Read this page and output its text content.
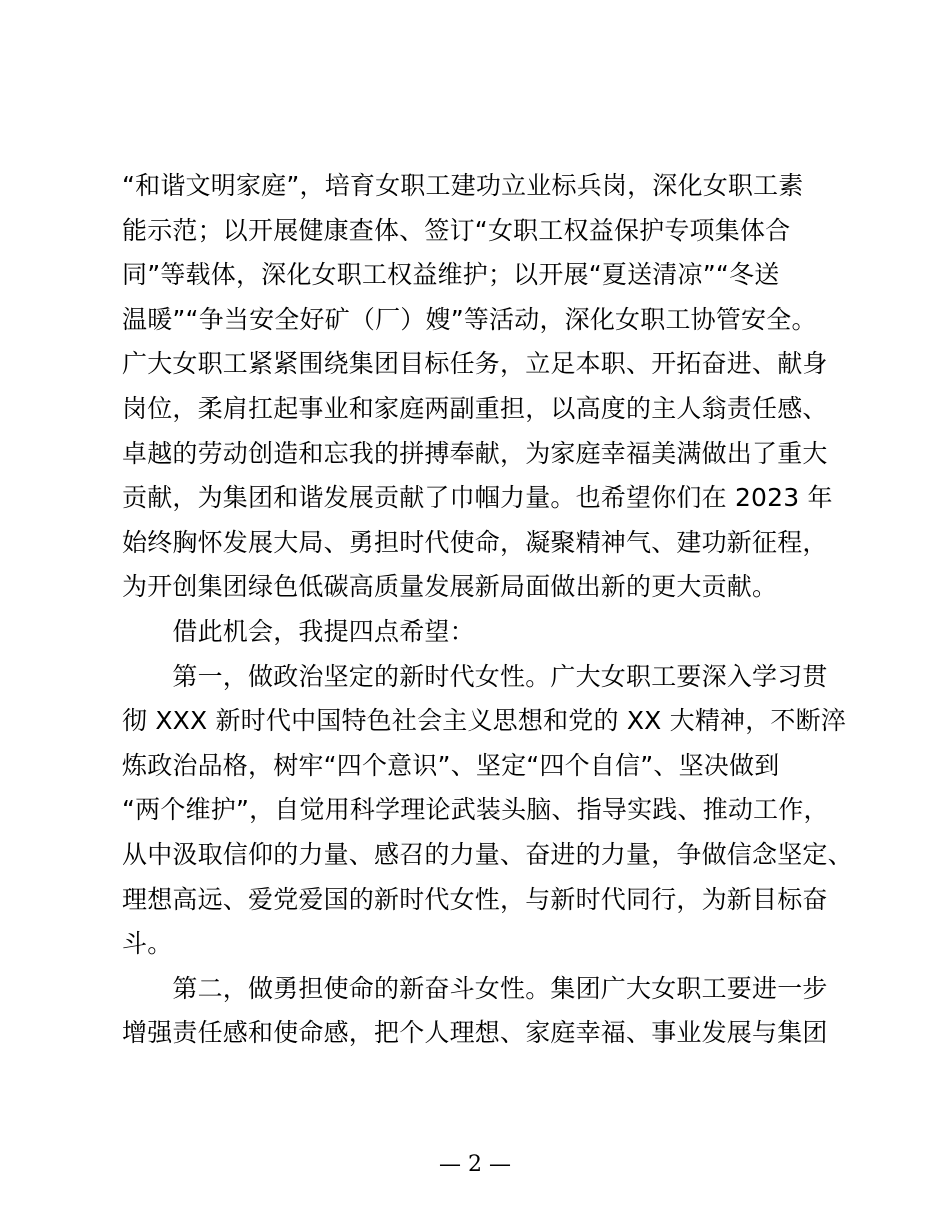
“和谐文明家庭”，培育女职工建功立业标兵岗，深化女职工素
能示范；以开展健康查体、签订“女职工权益保护专项集体合
同”等载体，深化女职工权益维护；以开展“夏送清凉”“冬送
温暖”“争当安全好矿（厂）嫂”等活动，深化女职工协管安全。
广大女职工紧紧围绕集团目标任务，立足本职、开拓奋进、献身
岗位，柔肩扛起事业和家庭两副重担，以高度的主人翁责任感、
卓越的劳动创造和忘我的拼搏奉献，为家庭幸福美满做出了重大
贡献，为集团和谐发展贡献了巾帼力量。也希望你们在 2023 年
始终胸怀发展大局、勇担时代使命，凝聚精神气、建功新征程，
为开创集团绿色低碳高质量发展新局面做出新的更大贡献。
　　借此机会，我提四点希望：
　　第一，做政治坚定的新时代女性。广大女职工要深入学习贯
彻 XXX 新时代中国特色社会主义思想和党的 XX 大精神，不断淬
炼政治品格，树牢“四个意识”、坚定“四个自信”、坚决做到
“两个维护”，自觉用科学理论武装头脑、指导实践、推动工作，
从中汲取信仰的力量、感召的力量、奋进的力量，争做信念坚定、
理想高远、爱党爱国的新时代女性，与新时代同行，为新目标奋
斗。
　　第二，做勇担使命的新奋斗女性。集团广大女职工要进一步
增强责任感和使命感，把个人理想、家庭幸福、事业发展与集团
— 2 —
